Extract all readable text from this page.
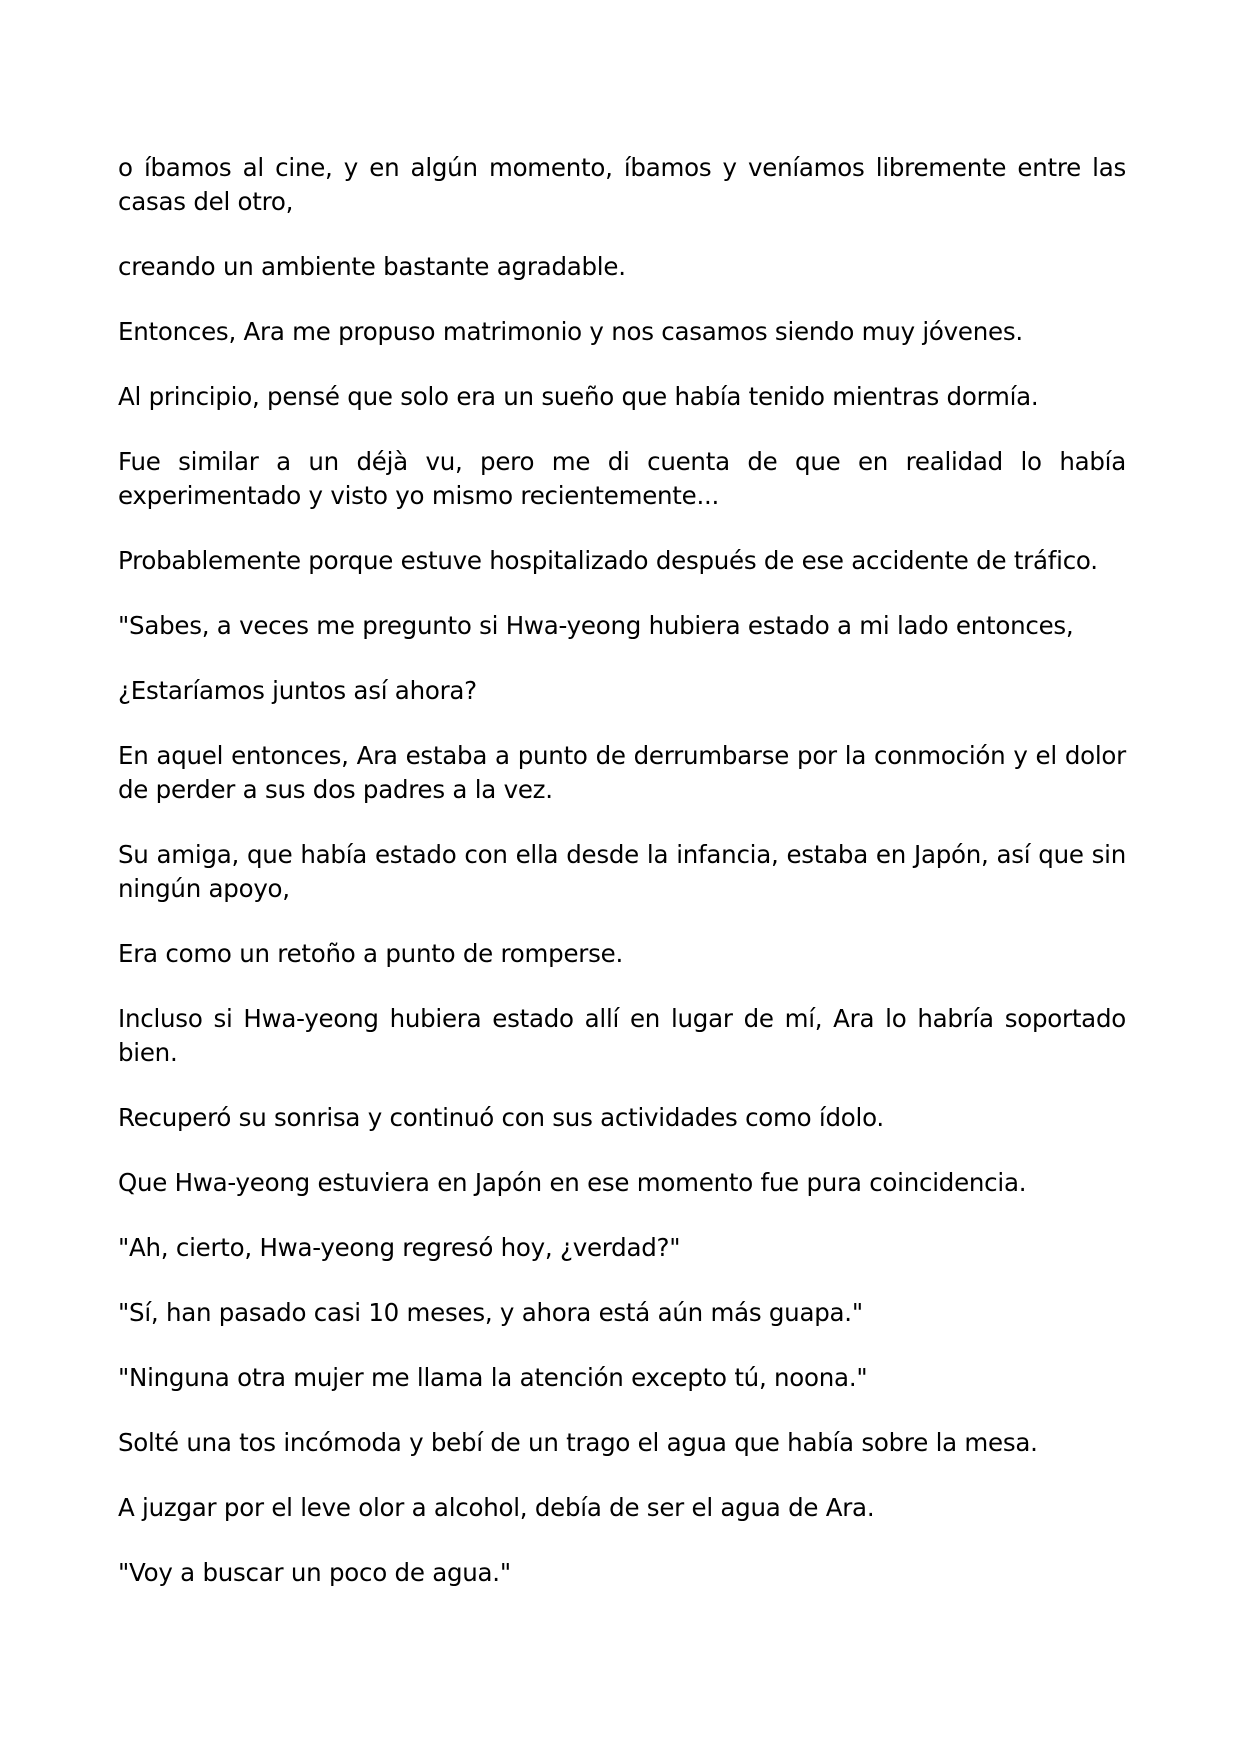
o íbamos al cine, y en algún momento, íbamos y veníamos libremente entre las casas del otro,

creando un ambiente bastante agradable.

Entonces, Ara me propuso matrimonio y nos casamos siendo muy jóvenes.

Al principio, pensé que solo era un sueño que había tenido mientras dormía.

Fue similar a un déjà vu, pero me di cuenta de que en realidad lo había experimentado y visto yo mismo recientemente...

Probablemente porque estuve hospitalizado después de ese accidente de tráfico.

"Sabes, a veces me pregunto si Hwa-yeong hubiera estado a mi lado entonces,

¿Estaríamos juntos así ahora?

En aquel entonces, Ara estaba a punto de derrumbarse por la conmoción y el dolor de perder a sus dos padres a la vez.

Su amiga, que había estado con ella desde la infancia, estaba en Japón, así que sin ningún apoyo,

Era como un retoño a punto de romperse.

Incluso si Hwa-yeong hubiera estado allí en lugar de mí, Ara lo habría soportado bien.

Recuperó su sonrisa y continuó con sus actividades como ídolo.

Que Hwa-yeong estuviera en Japón en ese momento fue pura coincidencia.

"Ah, cierto, Hwa-yeong regresó hoy, ¿verdad?"

"Sí, han pasado casi 10 meses, y ahora está aún más guapa."

"Ninguna otra mujer me llama la atención excepto tú, noona."

Solté una tos incómoda y bebí de un trago el agua que había sobre la mesa.

A juzgar por el leve olor a alcohol, debía de ser el agua de Ara.

"Voy a buscar un poco de agua."
